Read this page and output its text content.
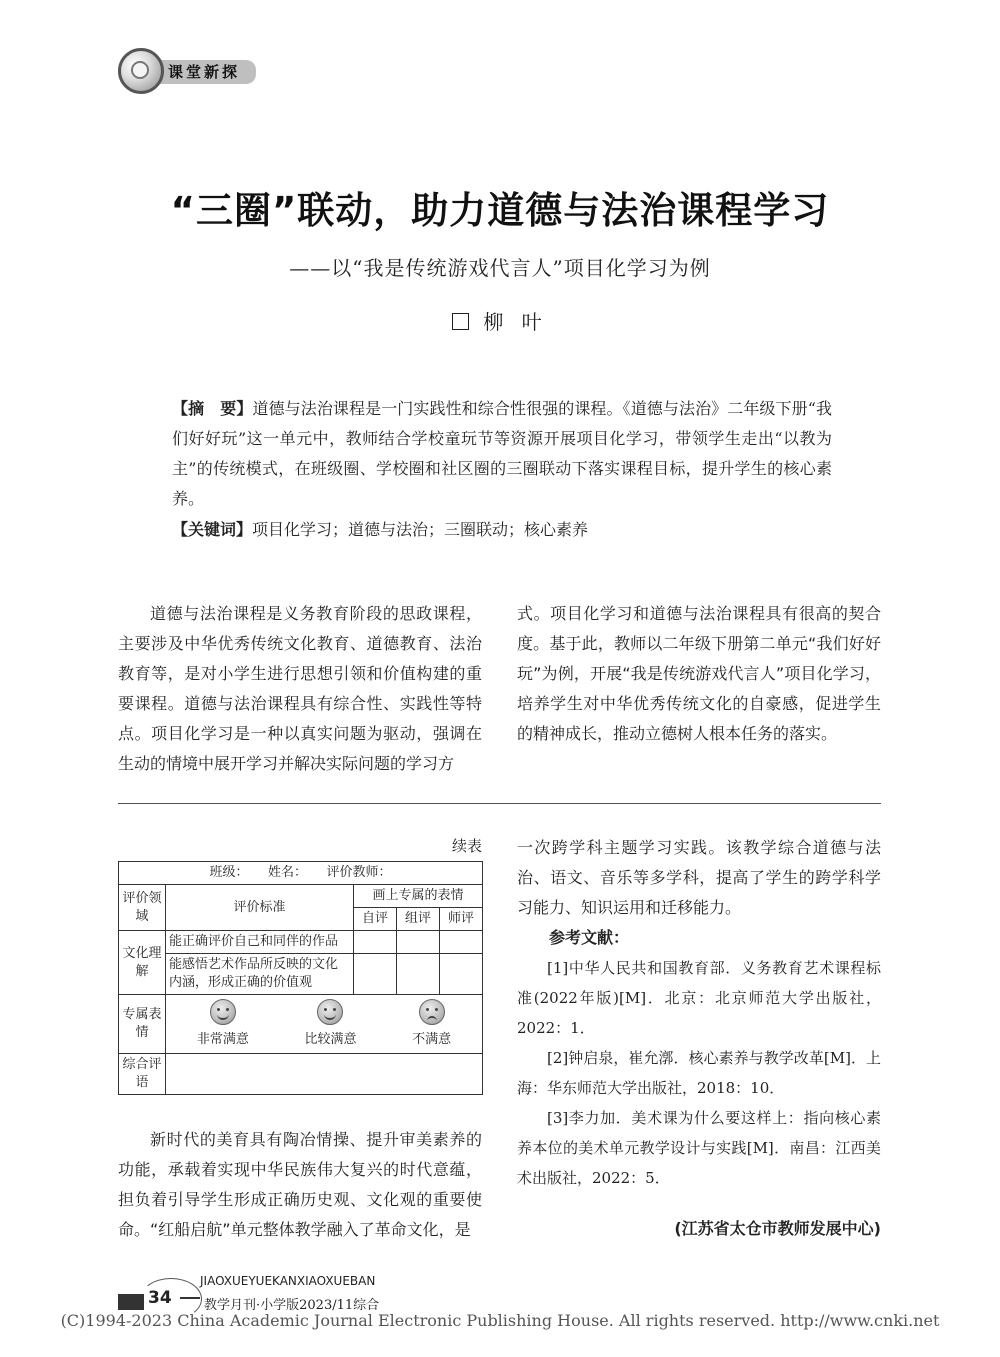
课堂新探
“三圈”联动，助力道德与法治课程学习
——以“我是传统游戏代言人”项目化学习为例
柳 叶
【摘　要】道德与法治课程是一门实践性和综合性很强的课程。《道德与法治》二年级下册“我们好好玩”这一单元中，教师结合学校童玩节等资源开展项目化学习，带领学生走出“以教为主”的传统模式，在班级圈、学校圈和社区圈的三圈联动下落实课程目标，提升学生的核心素养。
【关键词】项目化学习；道德与法治；三圈联动；核心素养

道德与法治课程是义务教育阶段的思政课程，主要涉及中华优秀传统文化教育、道德教育、法治教育等，是对小学生进行思想引领和价值构建的重要课程。道德与法治课程具有综合性、实践性等特点。项目化学习是一种以真实问题为驱动，强调在生动的情境中展开学习并解决实际问题的学习方

式。项目化学习和道德与法治课程具有很高的契合度。基于此，教师以二年级下册第二单元“我们好好玩”为例，开展“我是传统游戏代言人”项目化学习，培养学生对中华优秀传统文化的自豪感，促进学生的精神成长，推动立德树人根本任务的落实。

续表
班级：　　姓名：　　评价教师：				
评价领域	评价标准	画上专属的表情		
		自评	组评	师评
文化理解	能正确评价自己和同伴的作品			
	能感悟艺术作品所反映的文化内涵，形成正确的价值观			
专属表情	非常满意 比较满意 不满意			

综合评语				

新时代的美育具有陶冶情操、提升审美素养的功能，承载着实现中华民族伟大复兴的时代意蕴，担负着引导学生形成正确历史观、文化观的重要使命。“红船启航”单元整体教学融入了革命文化，是

一次跨学科主题学习实践。该教学综合道德与法治、语文、音乐等多学科，提高了学生的跨学科学习能力、知识运用和迁移能力。

参考文献：

[1]中华人民共和国教育部．义务教育艺术课程标准(2022年版)[M]．北京：北京师范大学出版社，2022：1．

[2]钟启泉，崔允漷．核心素养与教学改革[M]．上海：华东师范大学出版社，2018：10．

[3]李力加．美术课为什么要这样上：指向核心素养本位的美术单元教学设计与实践[M]．南昌：江西美术出版社，2022：5．

(江苏省太仓市教师发展中心)
34
JIAOXUEYUEKANXIAOXUEBAN
教学月刊·小学版2023/11综合
(C)1994-2023 China Academic Journal Electronic Publishing House. All rights reserved. http://www.cnki.net
